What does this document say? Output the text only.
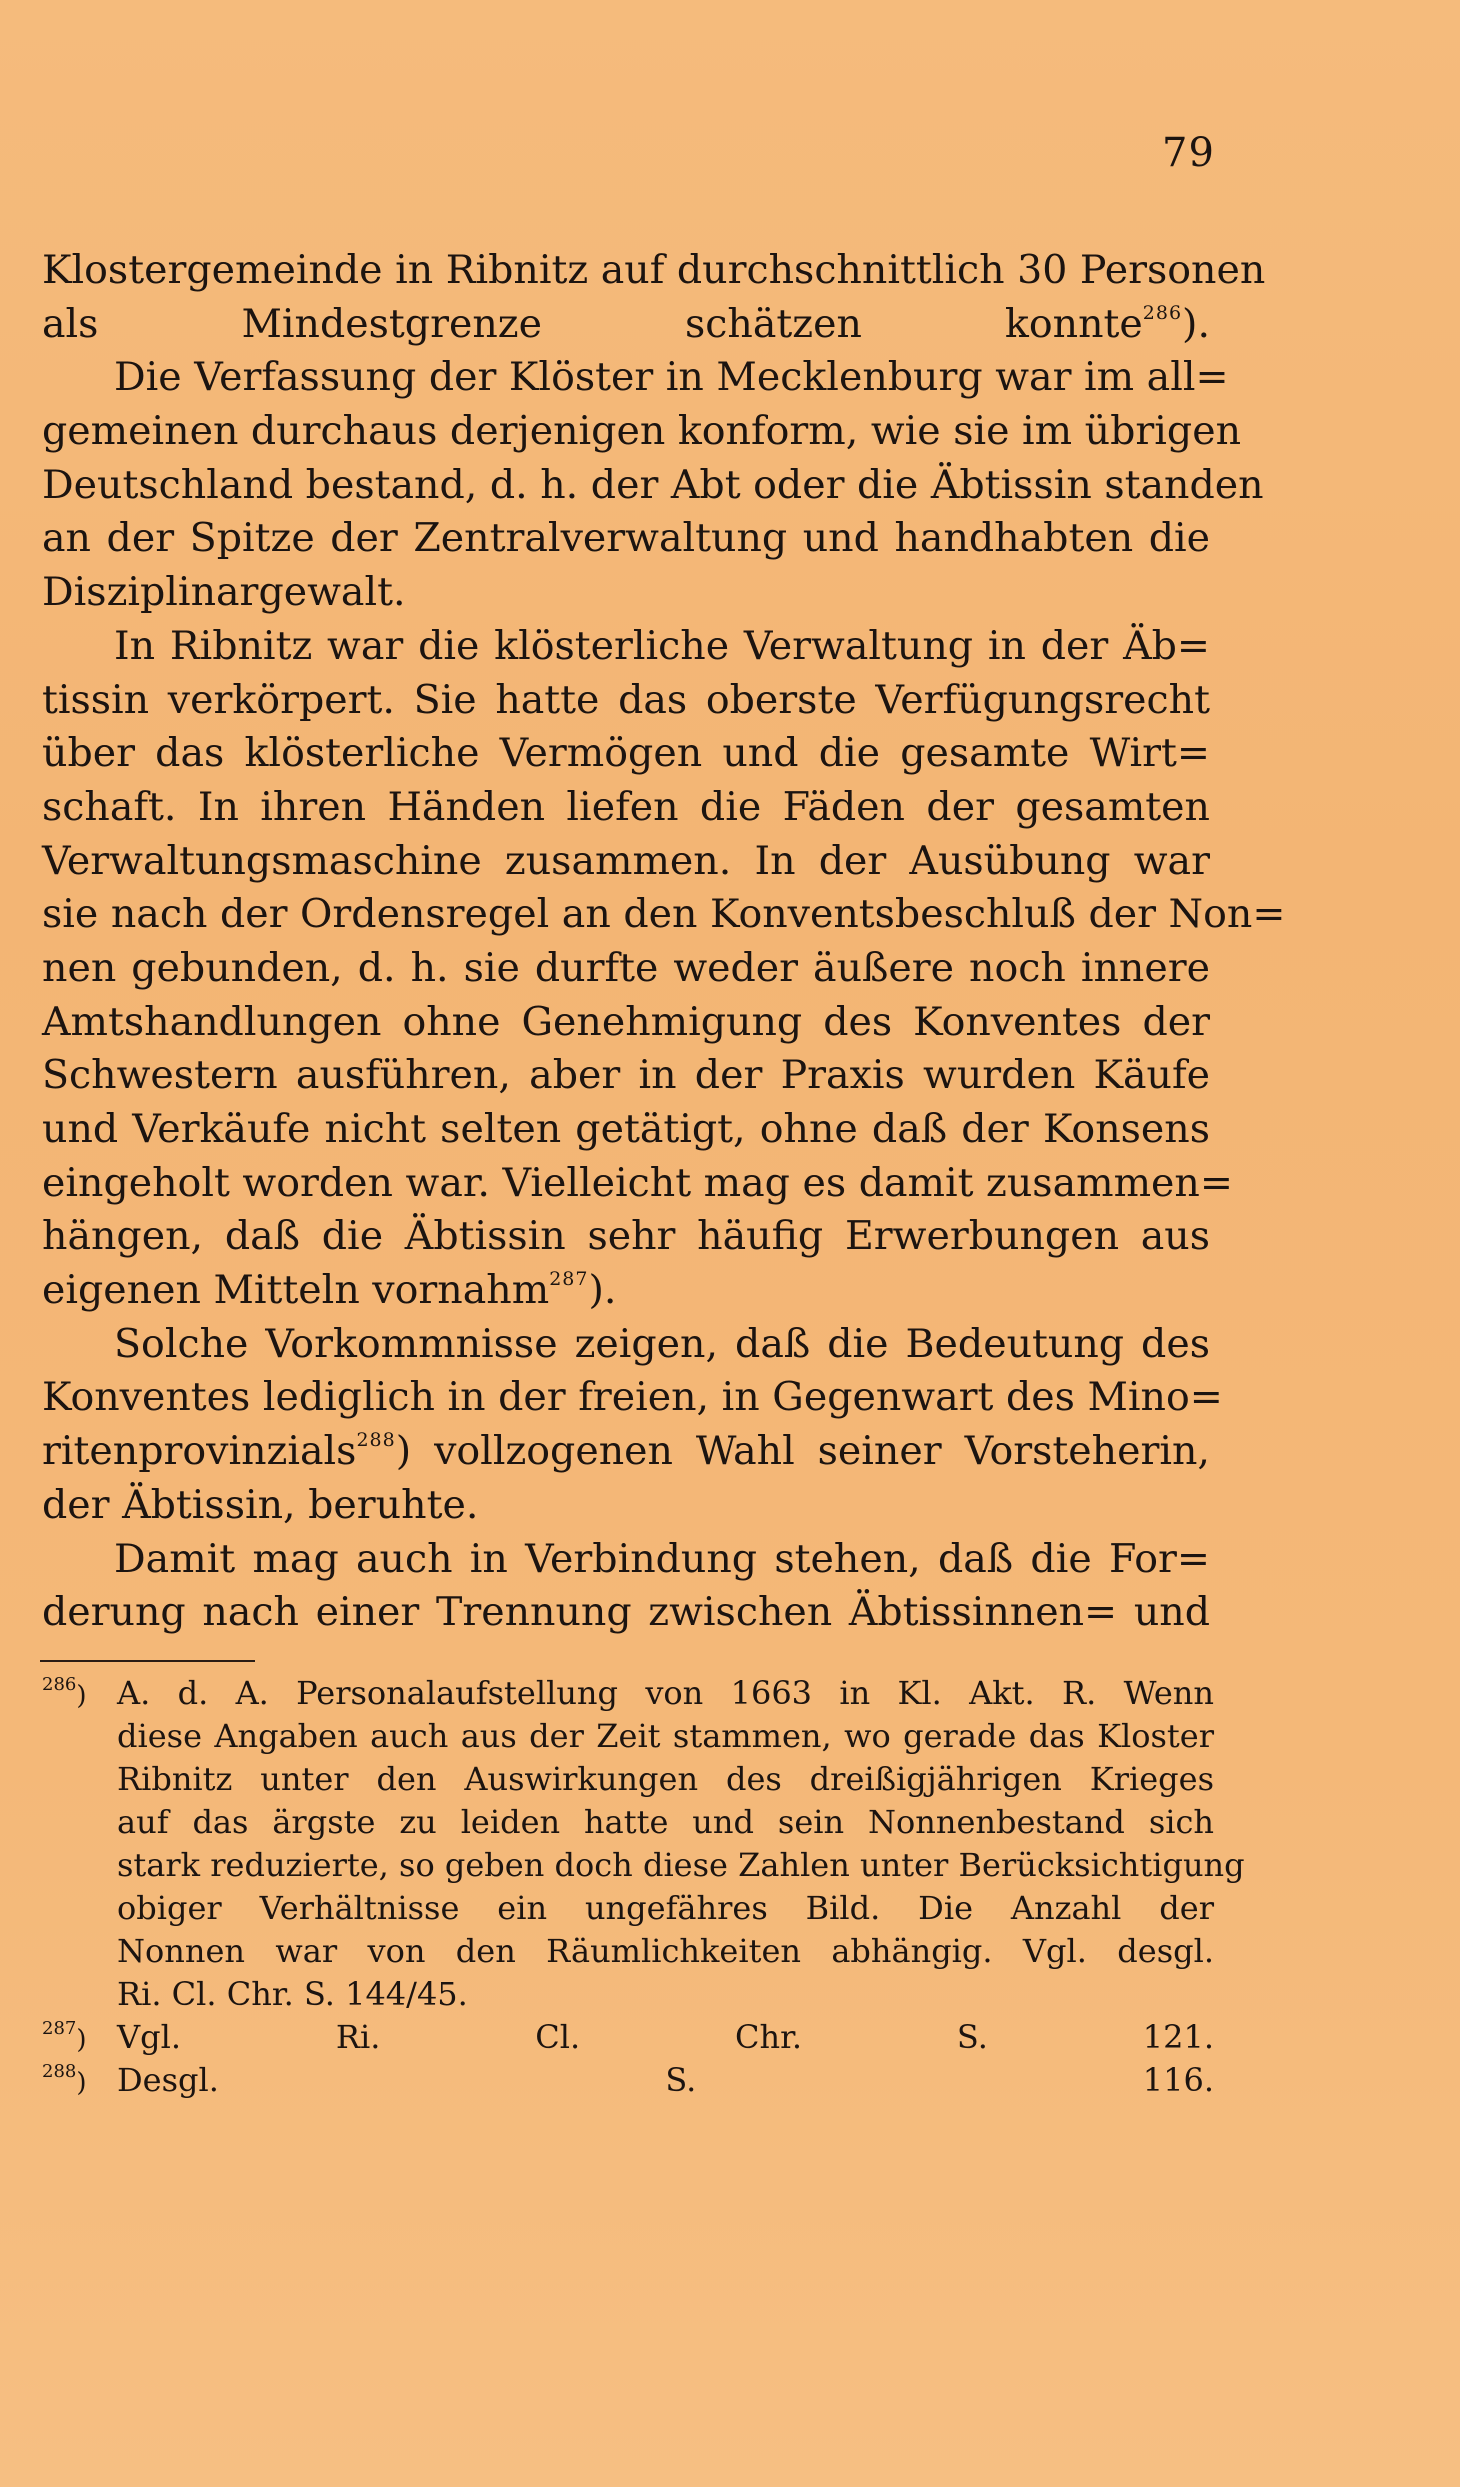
79
Klostergemeinde in Ribnitz auf durchschnittlich 30 Personen
als Mindestgrenze schätzen konnte$^{286}$).
Die Verfassung der Klöster in Mecklenburg war im all=
gemeinen durchaus derjenigen konform, wie sie im übrigen
Deutschland bestand, d. h. der Abt oder die Äbtissin standen
an der Spitze der Zentralverwaltung und handhabten die
Disziplinargewalt.
In Ribnitz war die klösterliche Verwaltung in der Äb=
tissin verkörpert. Sie hatte das oberste Verfügungsrecht
über das klösterliche Vermögen und die gesamte Wirt=
schaft. In ihren Händen liefen die Fäden der gesamten
Verwaltungsmaschine zusammen. In der Ausübung war
sie nach der Ordensregel an den Konventsbeschluß der Non=
nen gebunden, d. h. sie durfte weder äußere noch innere
Amtshandlungen ohne Genehmigung des Konventes der
Schwestern ausführen, aber in der Praxis wurden Käufe
und Verkäufe nicht selten getätigt, ohne daß der Konsens
eingeholt worden war. Vielleicht mag es damit zusammen=
hängen, daß die Äbtissin sehr häufig Erwerbungen aus
eigenen Mitteln vornahm$^{287}$).
Solche Vorkommnisse zeigen, daß die Bedeutung des
Konventes lediglich in der freien, in Gegenwart des Mino=
ritenprovinzials$^{288}$) vollzogenen Wahl seiner Vorsteherin,
der Äbtissin, beruhte.
Damit mag auch in Verbindung stehen, daß die For=
derung nach einer Trennung zwischen Äbtissinnen= und
$^{286}$) A. d. A. Personalaufstellung von 1663 in Kl. Akt. R. Wenn
diese Angaben auch aus der Zeit stammen, wo gerade das Kloster
Ribnitz unter den Auswirkungen des dreißigjährigen Krieges
auf das ärgste zu leiden hatte und sein Nonnenbestand sich
stark reduzierte, so geben doch diese Zahlen unter Berücksichtigung
obiger Verhältnisse ein ungefähres Bild. Die Anzahl der
Nonnen war von den Räumlichkeiten abhängig. Vgl. desgl.
Ri. Cl. Chr. S. 144/45.
$^{287}$) Vgl. Ri. Cl. Chr. S. 121.
$^{288}$) Desgl. S. 116.
